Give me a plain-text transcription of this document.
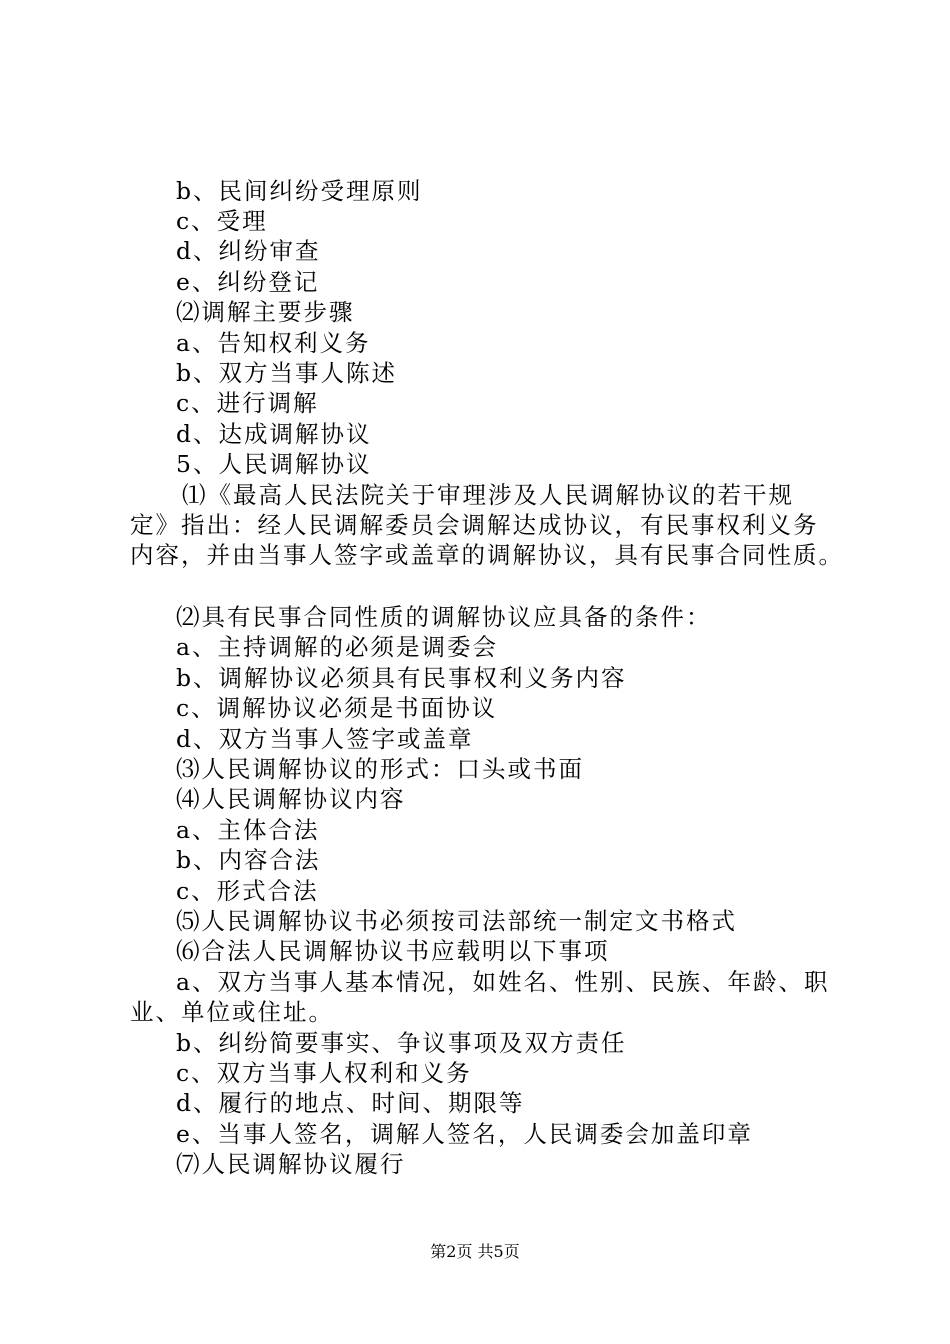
b、民间纠纷受理原则
c、受理
d、纠纷审查
e、纠纷登记
⑵调解主要步骤
a、告知权利义务
b、双方当事人陈述
c、进行调解
d、达成调解协议
5、人民调解协议
⑴《最高人民法院关于审理涉及人民调解协议的若干规
定》指出：经人民调解委员会调解达成协议，有民事权利义务
内容，并由当事人签字或盖章的调解协议，具有民事合同性质。
⑵具有民事合同性质的调解协议应具备的条件：
a、主持调解的必须是调委会
b、调解协议必须具有民事权利义务内容
c、调解协议必须是书面协议
d、双方当事人签字或盖章
⑶人民调解协议的形式：口头或书面
⑷人民调解协议内容
a、主体合法
b、内容合法
c、形式合法
⑸人民调解协议书必须按司法部统一制定文书格式
⑹合法人民调解协议书应载明以下事项
a、双方当事人基本情况，如姓名、性别、民族、年龄、职
业、单位或住址。
b、纠纷简要事实、争议事项及双方责任
c、双方当事人权利和义务
d、履行的地点、时间、期限等
e、当事人签名，调解人签名，人民调委会加盖印章
⑺人民调解协议履行
第2页 共5页
